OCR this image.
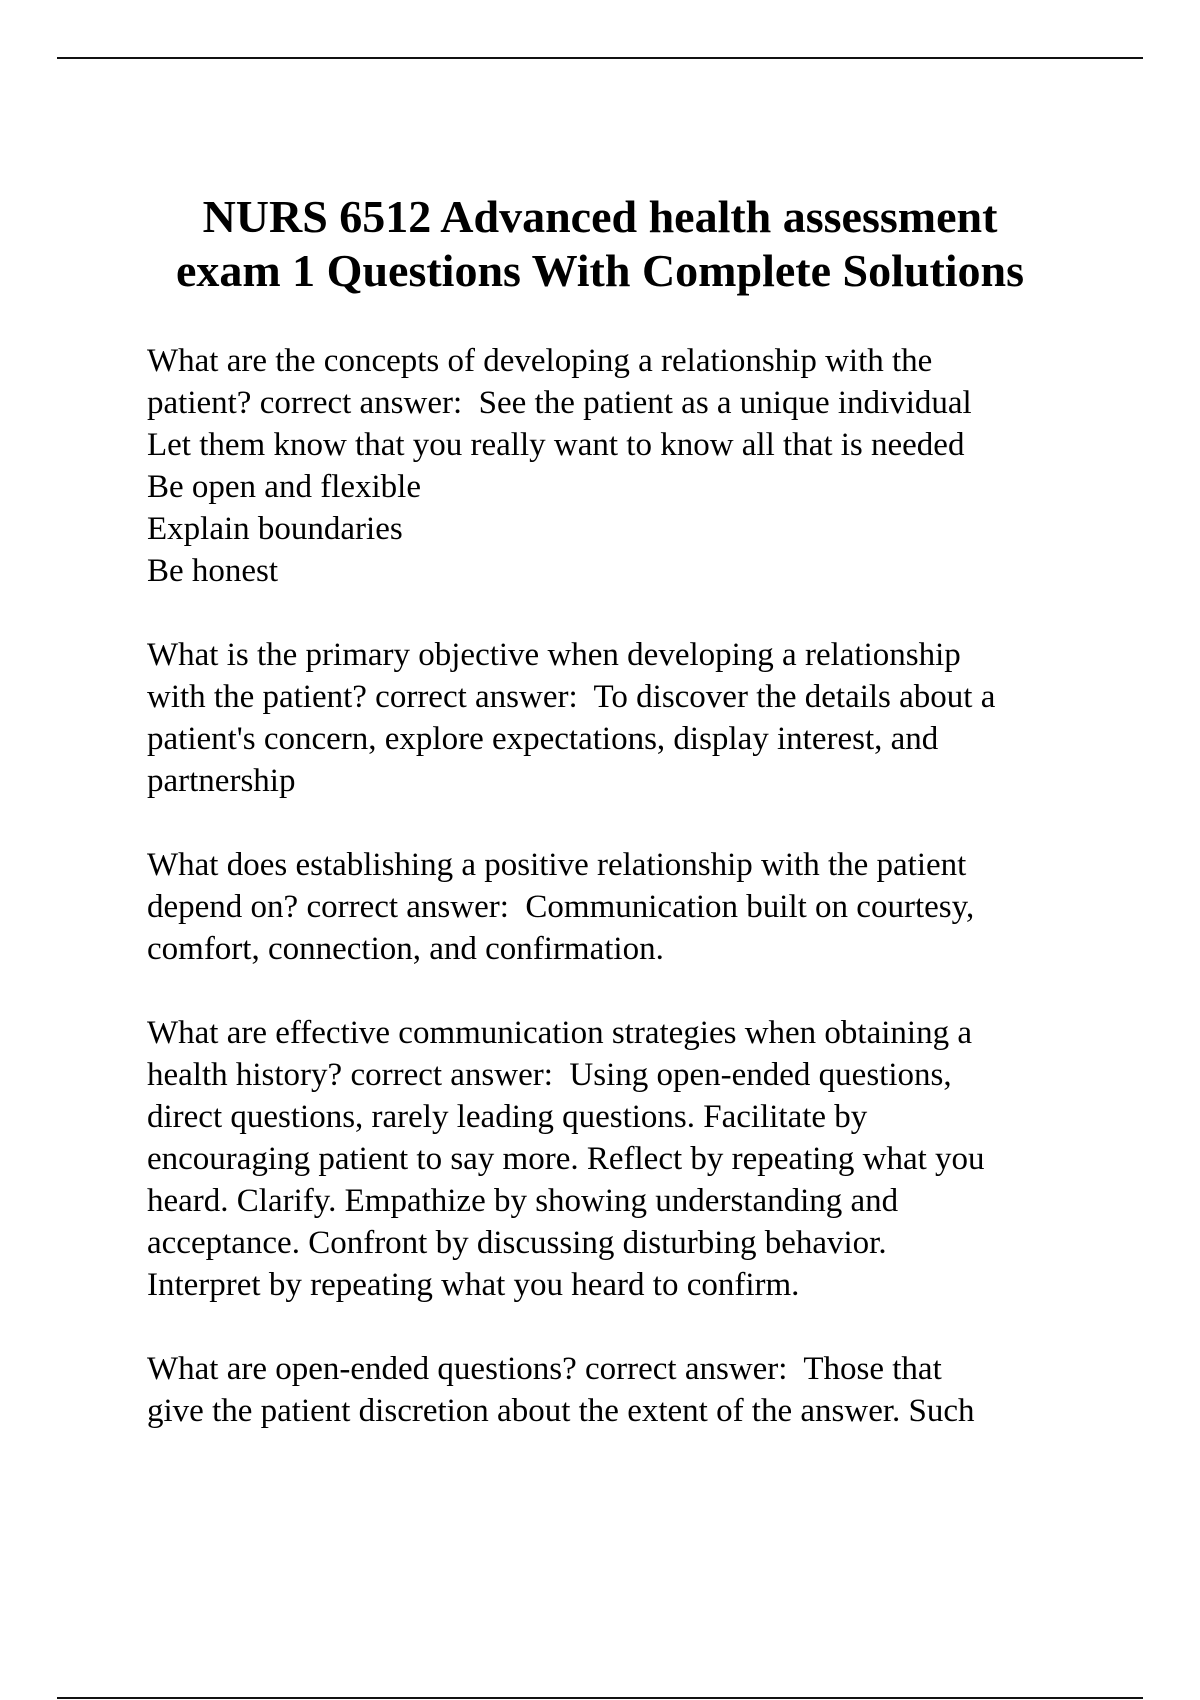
NURS 6512 Advanced health assessment
exam 1 Questions With Complete Solutions

What are the concepts of developing a relationship with the
patient? correct answer:  See the patient as a unique individual
Let them know that you really want to know all that is needed
Be open and flexible
Explain boundaries
Be honest

What is the primary objective when developing a relationship
with the patient? correct answer:  To discover the details about a
patient's concern, explore expectations, display interest, and
partnership

What does establishing a positive relationship with the patient
depend on? correct answer:  Communication built on courtesy,
comfort, connection, and confirmation.

What are effective communication strategies when obtaining a
health history? correct answer:  Using open-ended questions,
direct questions, rarely leading questions. Facilitate by
encouraging patient to say more. Reflect by repeating what you
heard. Clarify. Empathize by showing understanding and
acceptance. Confront by discussing disturbing behavior.
Interpret by repeating what you heard to confirm.

What are open-ended questions? correct answer:  Those that
give the patient discretion about the extent of the answer. Such
